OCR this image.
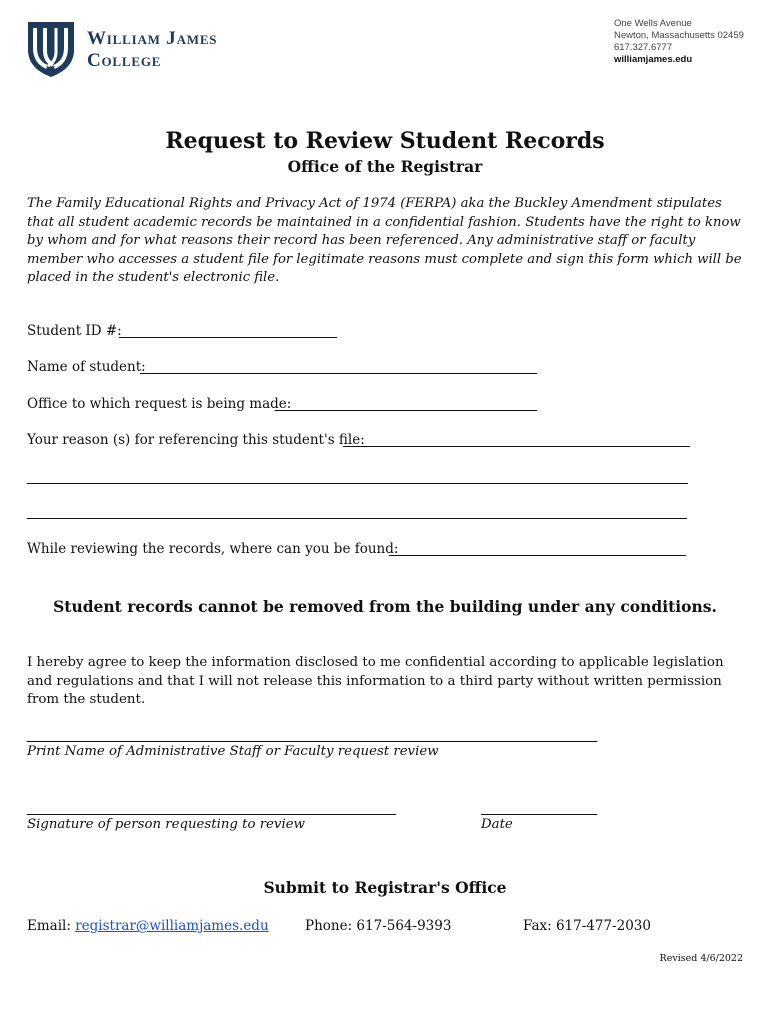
William James
College
One Wells Avenue
Newton, Massachusetts 02459
617.327.6777
williamjames.edu
Request to Review Student Records
Office of the Registrar
The Family Educational Rights and Privacy Act of 1974 (FERPA) aka the Buckley Amendment stipulates that all student academic records be maintained in a confidential fashion. Students have the right to know by whom and for what reasons their record has been referenced. Any administrative staff or faculty member who accesses a student file for legitimate reasons must complete and sign this form which will be placed in the student's electronic file.
Student ID #:
Name of student:
Office to which request is being made:
Your reason (s) for referencing this student's file:
While reviewing the records, where can you be found:
Student records cannot be removed from the building under any conditions.
I hereby agree to keep the information disclosed to me confidential according to applicable legislation and regulations and that I will not release this information to a third party without written permission from the student.
Print Name of Administrative Staff or Faculty request review
Signature of person requesting to review	Date
Submit to Registrar's Office
Email: registrar@williamjames.edu	Phone: 617-564-9393	Fax: 617-477-2030
Revised 4/6/2022
